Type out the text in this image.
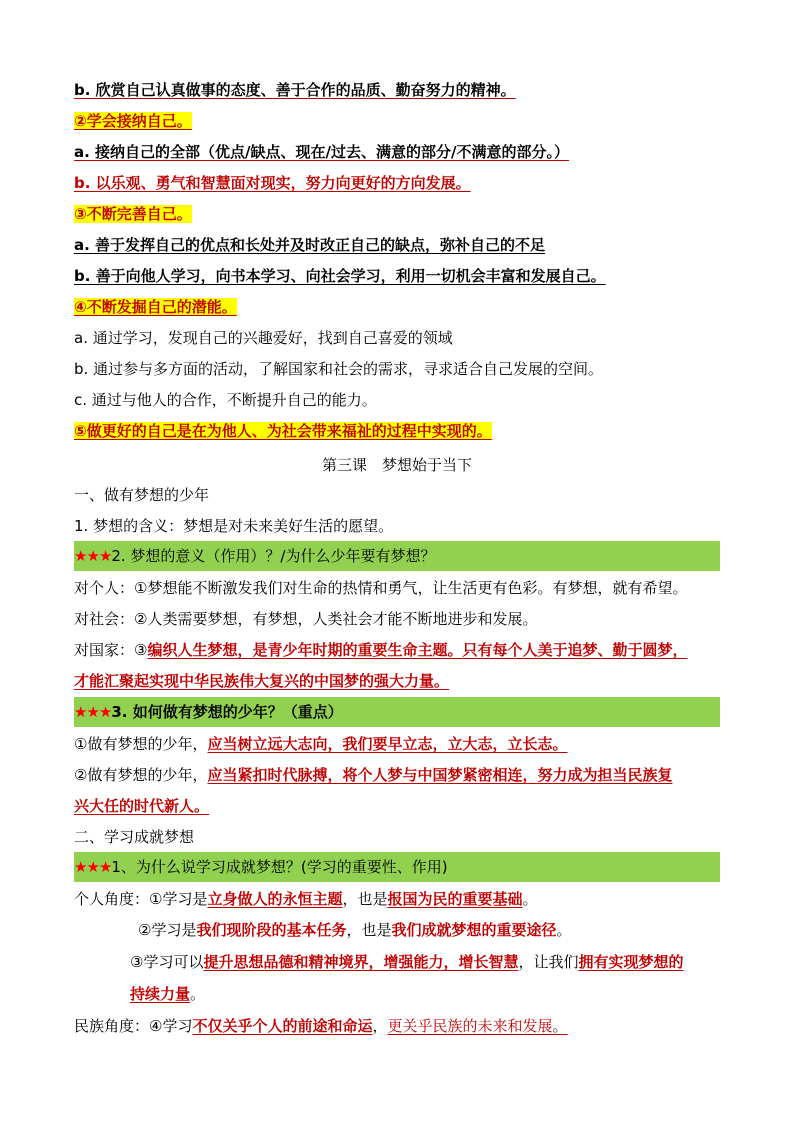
b. 欣赏自己认真做事的态度、善于合作的品质、勤奋努力的精神。
②学会接纳自己。
a. 接纳自己的全部（优点/缺点、现在/过去、满意的部分/不满意的部分。）
b. 以乐观、勇气和智慧面对现实，努力向更好的方向发展。
③不断完善自己。
a. 善于发挥自己的优点和长处并及时改正自己的缺点，弥补自己的不足
b. 善于向他人学习，向书本学习、向社会学习，利用一切机会丰富和发展自己。
④不断发掘自己的潜能。
a. 通过学习，发现自己的兴趣爱好，找到自己喜爱的领域
b. 通过参与多方面的活动，了解国家和社会的需求，寻求适合自己发展的空间。
c. 通过与他人的合作，不断提升自己的能力。
⑤做更好的自己是在为他人、为社会带来福祉的过程中实现的。
第三课　梦想始于当下
一、做有梦想的少年
1. 梦想的含义：梦想是对未来美好生活的愿望。
★★★2. 梦想的意义（作用）？/为什么少年要有梦想？
对个人：①梦想能不断激发我们对生命的热情和勇气，让生活更有色彩。有梦想，就有希望。
对社会：②人类需要梦想，有梦想，人类社会才能不断地进步和发展。
对国家：③编织人生梦想，是青少年时期的重要生命主题。只有每个人美于追梦、勤于圆梦，
才能汇聚起实现中华民族伟大复兴的中国梦的强大力量。
★★★3. 如何做有梦想的少年？（重点）
①做有梦想的少年，应当树立远大志向，我们要早立志，立大志，立长志。
②做有梦想的少年，应当紧扣时代脉搏，将个人梦与中国梦紧密相连，努力成为担当民族复
兴大任的时代新人。
二、学习成就梦想
★★★1、为什么说学习成就梦想？(学习的重要性、作用)
个人角度：①学习是立身做人的永恒主题，也是报国为民的重要基础。
②学习是我们现阶段的基本任务，也是我们成就梦想的重要途径。
③学习可以提升思想品德和精神境界，增强能力，增长智慧，让我们拥有实现梦想的
持续力量。
民族角度：④学习不仅关乎个人的前途和命运，更关乎民族的未来和发展。
